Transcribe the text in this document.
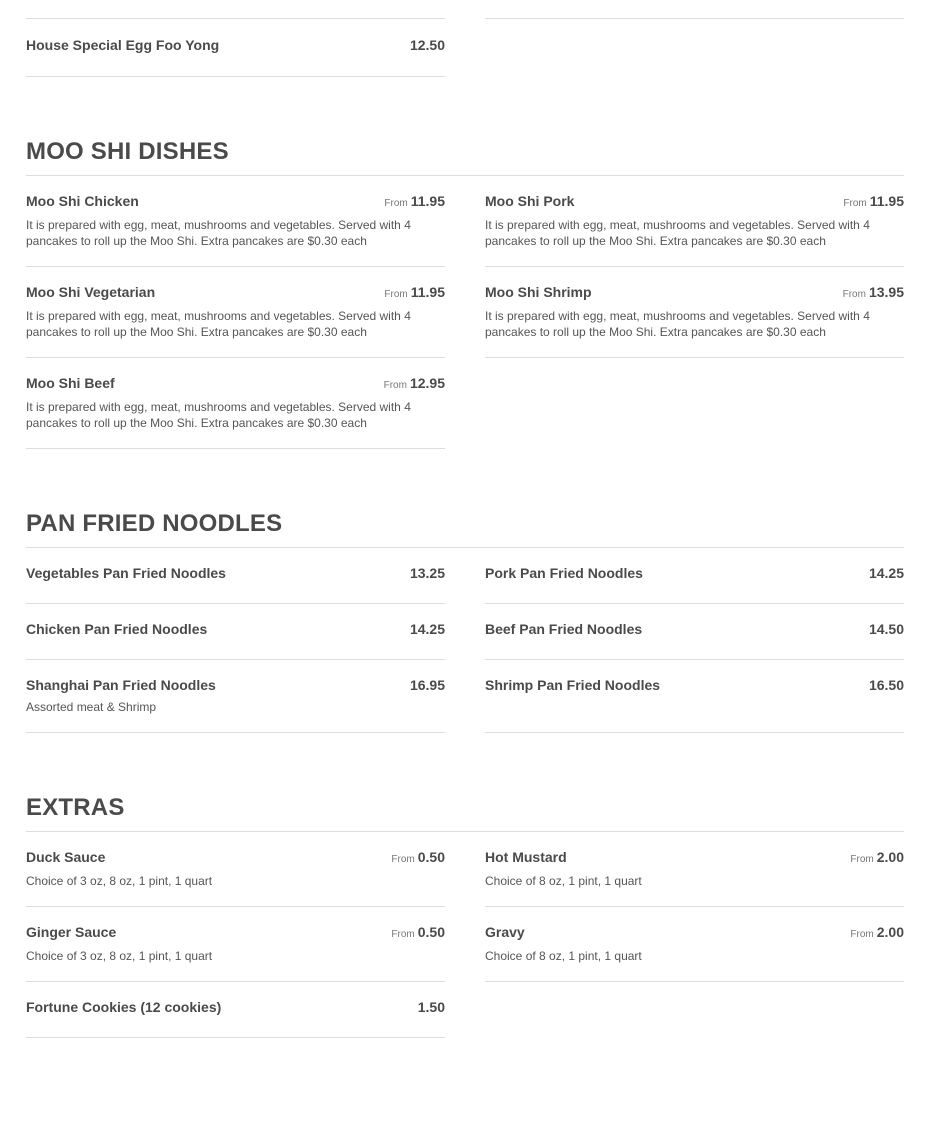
House Special Egg Foo Yong	12.50
MOO SHI DISHES
Moo Shi Chicken	From 11.95
It is prepared with egg, meat, mushrooms and vegetables. Served with 4 pancakes to roll up the Moo Shi. Extra pancakes are $0.30 each
Moo Shi Pork	From 11.95
It is prepared with egg, meat, mushrooms and vegetables. Served with 4 pancakes to roll up the Moo Shi. Extra pancakes are $0.30 each
Moo Shi Vegetarian	From 11.95
It is prepared with egg, meat, mushrooms and vegetables. Served with 4 pancakes to roll up the Moo Shi. Extra pancakes are $0.30 each
Moo Shi Shrimp	From 13.95
It is prepared with egg, meat, mushrooms and vegetables. Served with 4 pancakes to roll up the Moo Shi. Extra pancakes are $0.30 each
Moo Shi Beef	From 12.95
It is prepared with egg, meat, mushrooms and vegetables. Served with 4 pancakes to roll up the Moo Shi. Extra pancakes are $0.30 each
PAN FRIED NOODLES
Vegetables Pan Fried Noodles	13.25	Pork Pan Fried Noodles	14.25
Chicken Pan Fried Noodles	14.25	Beef Pan Fried Noodles	14.50
Shanghai Pan Fried Noodles	16.95
Assorted meat & Shrimp
Shrimp Pan Fried Noodles	16.50
EXTRAS
Duck Sauce	From 0.50
Choice of 3 oz, 8 oz, 1 pint, 1 quart
Hot Mustard	From 2.00
Choice of 8 oz, 1 pint, 1 quart
Ginger Sauce	From 0.50
Choice of 3 oz, 8 oz, 1 pint, 1 quart
Gravy	From 2.00
Choice of 8 oz, 1 pint, 1 quart
Fortune Cookies (12 cookies)	1.50
